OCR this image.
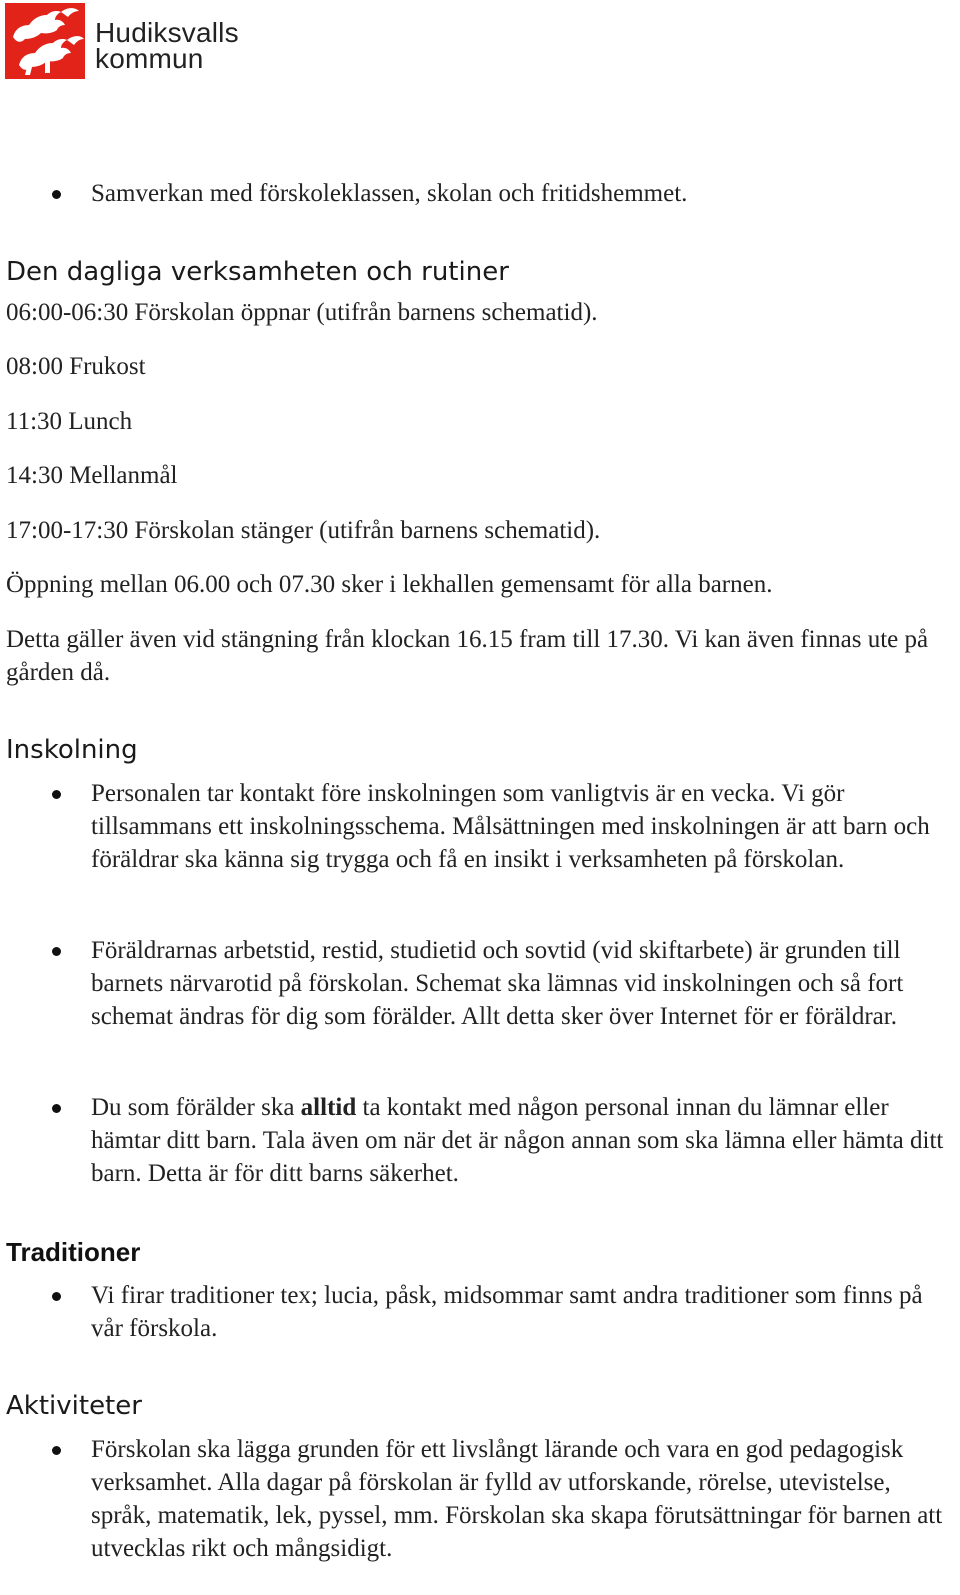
Hudiksvalls
kommun
Samverkan med förskoleklassen, skolan och fritidshemmet.
Den dagliga verksamheten och rutiner
06:00-06:30 Förskolan öppnar (utifrån barnens schematid).
08:00 Frukost
11:30 Lunch
14:30 Mellanmål
17:00-17:30 Förskolan stänger (utifrån barnens schematid).
Öppning mellan 06.00 och 07.30 sker i lekhallen gemensamt för alla barnen.
Detta gäller även vid stängning från klockan 16.15 fram till 17.30. Vi kan även finnas ute på gården då.
Inskolning
Personalen tar kontakt före inskolningen som vanligtvis är en vecka. Vi gör tillsammans ett inskolningsschema. Målsättningen med inskolningen är att barn och föräldrar ska känna sig trygga och få en insikt i verksamheten på förskolan.
Föräldrarnas arbetstid, restid, studietid och sovtid (vid skiftarbete) är grunden till barnets närvarotid på förskolan. Schemat ska lämnas vid inskolningen och så fort schemat ändras för dig som förälder. Allt detta sker över Internet för er föräldrar.
Du som förälder ska alltid ta kontakt med någon personal innan du lämnar eller hämtar ditt barn. Tala även om när det är någon annan som ska lämna eller hämta ditt barn. Detta är för ditt barns säkerhet.
Traditioner
Vi firar traditioner tex; lucia, påsk, midsommar samt andra traditioner som finns på vår förskola.
Aktiviteter
Förskolan ska lägga grunden för ett livslångt lärande och vara en god pedagogisk verksamhet. Alla dagar på förskolan är fylld av utforskande, rörelse, utevistelse, språk, matematik, lek, pyssel, mm. Förskolan ska skapa förutsättningar för barnen att utvecklas rikt och mångsidigt.
